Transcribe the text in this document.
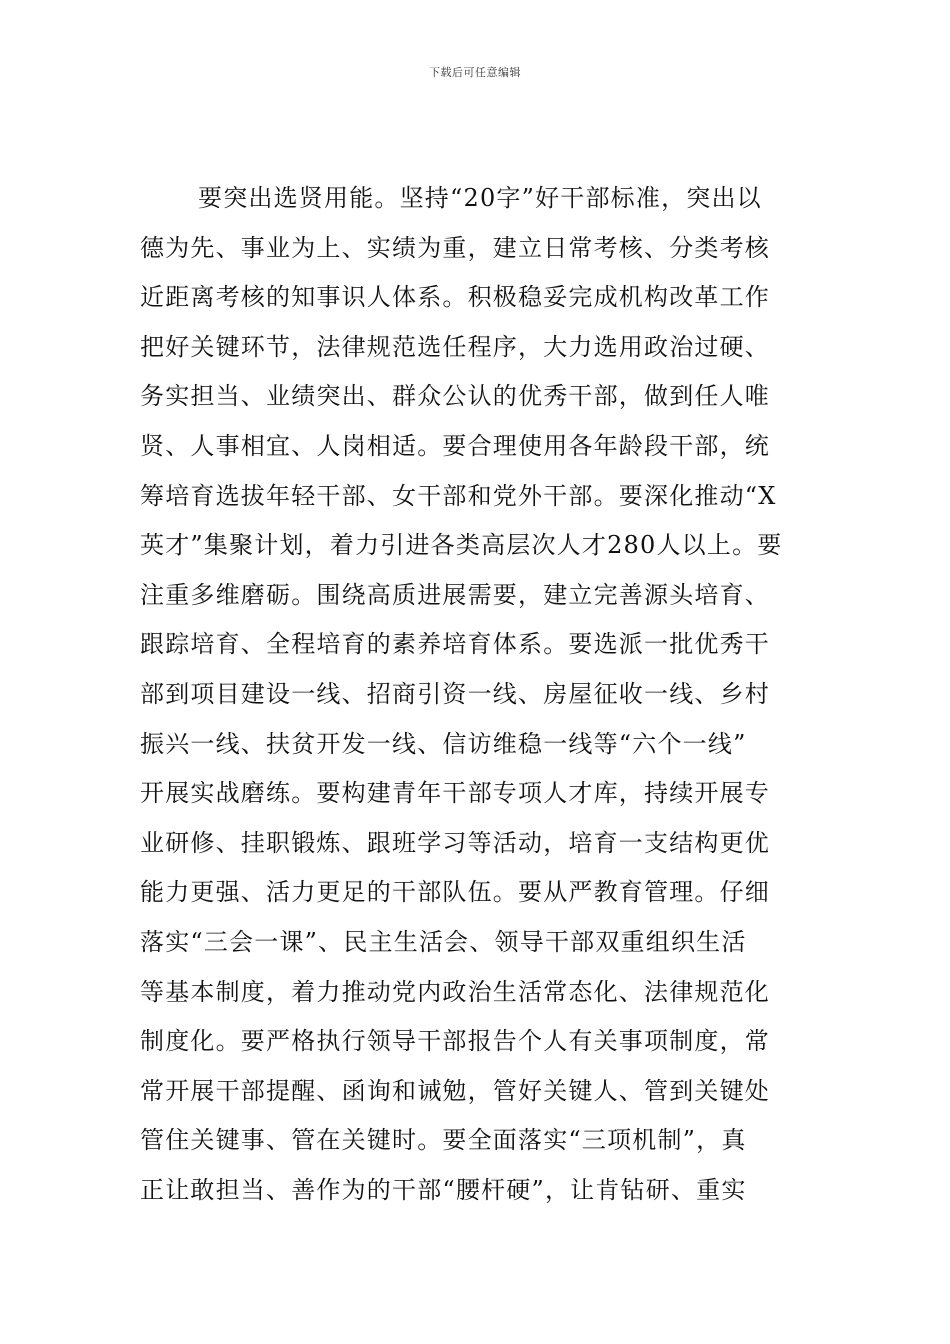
下载后可任意编辑
要突出选贤用能。坚持“20字”好干部标准，突出以
德为先、事业为上、实绩为重，建立日常考核、分类考核
近距离考核的知事识人体系。积极稳妥完成机构改革工作
把好关键环节，法律规范选任程序，大力选用政治过硬、
务实担当、业绩突出、群众公认的优秀干部，做到任人唯
贤、人事相宜、人岗相适。要合理使用各年龄段干部，统
筹培育选拔年轻干部、女干部和党外干部。要深化推动“X
英才”集聚计划，着力引进各类高层次人才280人以上。要
注重多维磨砺。围绕高质进展需要，建立完善源头培育、
跟踪培育、全程培育的素养培育体系。要选派一批优秀干
部到项目建设一线、招商引资一线、房屋征收一线、乡村
振兴一线、扶贫开发一线、信访维稳一线等“六个一线”
开展实战磨练。要构建青年干部专项人才库，持续开展专
业研修、挂职锻炼、跟班学习等活动，培育一支结构更优
能力更强、活力更足的干部队伍。要从严教育管理。仔细
落实“三会一课”、民主生活会、领导干部双重组织生活
等基本制度，着力推动党内政治生活常态化、法律规范化
制度化。要严格执行领导干部报告个人有关事项制度，常
常开展干部提醒、函询和诫勉，管好关键人、管到关键处
管住关键事、管在关键时。要全面落实“三项机制”，真
正让敢担当、善作为的干部“腰杆硬”，让肯钻研、重实
